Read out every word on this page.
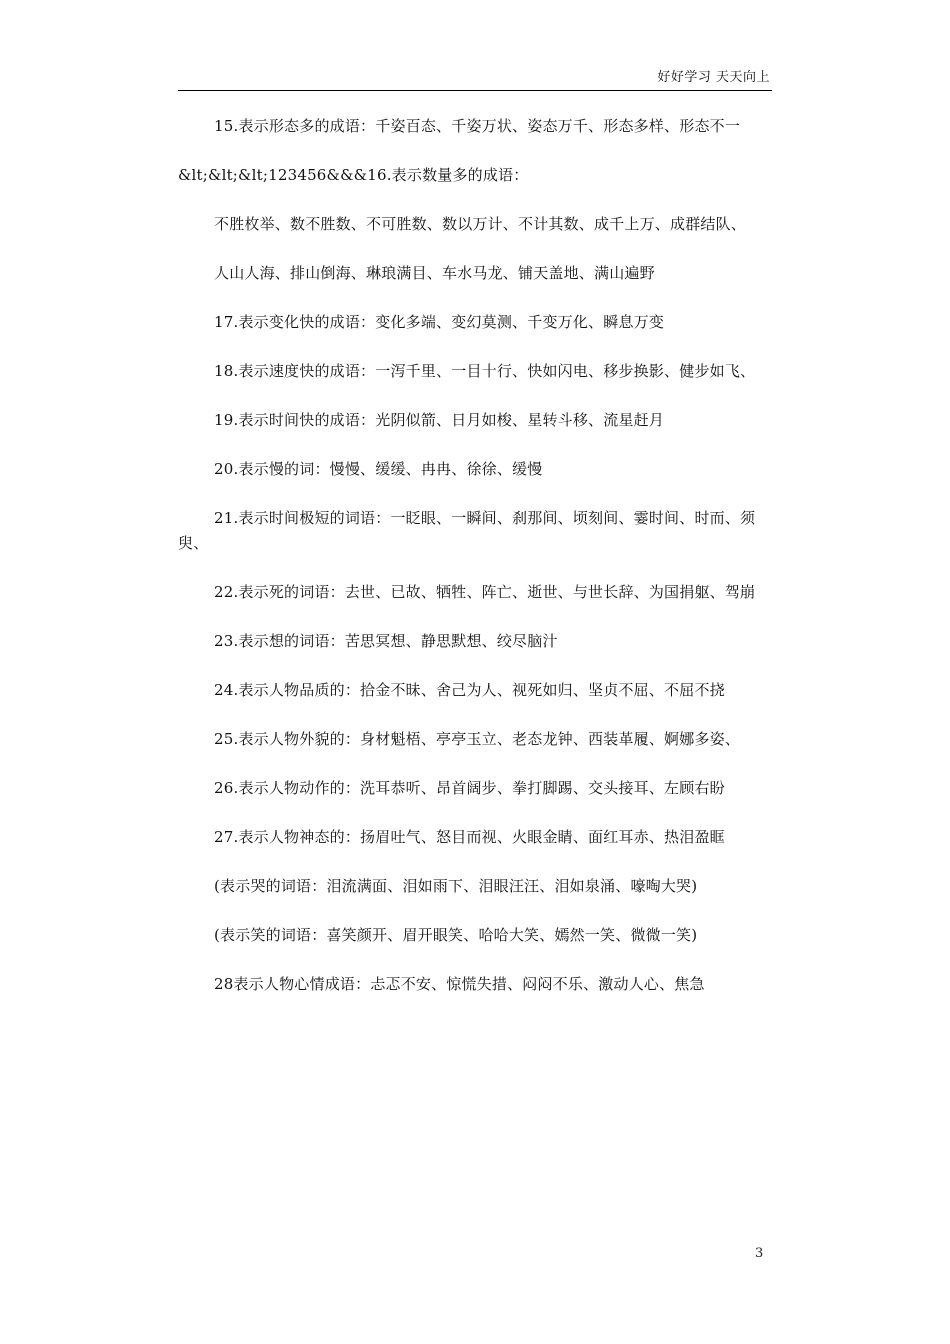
好好学习 天天向上

15.表示形态多的成语：千姿百态、千姿万状、姿态万千、形态多样、形态不一

&lt;&lt;&lt;123456&&&16.表示数量多的成语：

不胜枚举、数不胜数、不可胜数、数以万计、不计其数、成千上万、成群结队、

人山人海、排山倒海、琳琅满目、车水马龙、铺天盖地、满山遍野

17.表示变化快的成语：变化多端、变幻莫测、千变万化、瞬息万变

18.表示速度快的成语：一泻千里、一目十行、快如闪电、移步换影、健步如飞、

19.表示时间快的成语：光阴似箭、日月如梭、星转斗移、流星赶月

20.表示慢的词：慢慢、缓缓、冉冉、徐徐、缓慢

21.表示时间极短的词语：一眨眼、一瞬间、刹那间、顷刻间、霎时间、时而、须臾、

22.表示死的词语：去世、已故、牺牲、阵亡、逝世、与世长辞、为国捐躯、驾崩

23.表示想的词语：苦思冥想、静思默想、绞尽脑汁

24.表示人物品质的：拾金不昧、舍己为人、视死如归、坚贞不屈、不屈不挠

25.表示人物外貌的：身材魁梧、亭亭玉立、老态龙钟、西装革履、婀娜多姿、

26.表示人物动作的：洗耳恭听、昂首阔步、拳打脚踢、交头接耳、左顾右盼

27.表示人物神态的：扬眉吐气、怒目而视、火眼金睛、面红耳赤、热泪盈眶

(表示哭的词语：泪流满面、泪如雨下、泪眼汪汪、泪如泉涌、嚎啕大哭)

(表示笑的词语：喜笑颜开、眉开眼笑、哈哈大笑、嫣然一笑、微微一笑)

28表示人物心情成语：忐忑不安、惊慌失措、闷闷不乐、激动人心、焦急

3
